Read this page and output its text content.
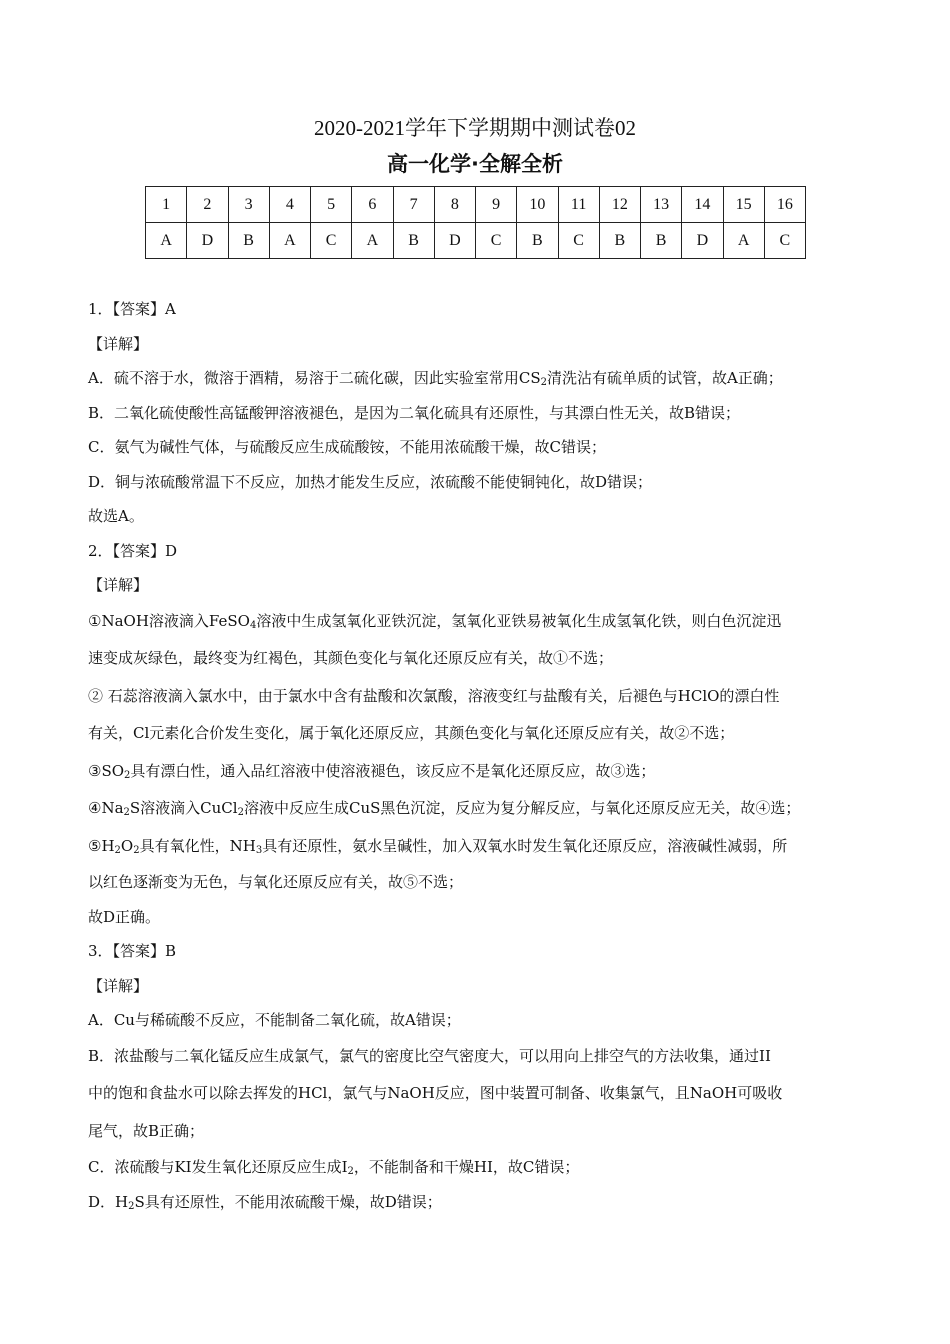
2020-2021学年下学期期中测试卷02
高一化学·全解全析
1	2	3	4	5	6	7	8	9	10	11	12	13	14	15	16
A	D	B	A	C	A	B	D	C	B	C	B	B	D	A	C
1．【答案】A
【详解】
A．硫不溶于水，微溶于酒精，易溶于二硫化碳，因此实验室常用$CS_2$清洗沾有硫单质的试管，故A正确；
B．二氧化硫使酸性高锰酸钾溶液褪色，是因为二氧化硫具有还原性，与其漂白性无关，故B错误；
C．氨气为碱性气体，与硫酸反应生成硫酸铵，不能用浓硫酸干燥，故C错误；
D．铜与浓硫酸常温下不反应，加热才能发生反应，浓硫酸不能使铜钝化，故D错误；
故选A。
2．【答案】D
【详解】
①NaOH溶液滴入FeSO$_4$溶液中生成氢氧化亚铁沉淀，氢氧化亚铁易被氧化生成氢氧化铁，则白色沉淀迅
速变成灰绿色，最终变为红褐色，其颜色变化与氧化还原反应有关，故①不选；
② 石蕊溶液滴入氯水中，由于氯水中含有盐酸和次氯酸，溶液变红与盐酸有关，后褪色与HClO的漂白性
有关，Cl元素化合价发生变化，属于氧化还原反应，其颜色变化与氧化还原反应有关，故②不选；
$③SO_2$具有漂白性，通入品红溶液中使溶液褪色，该反应不是氧化还原反应，故③选；
$④Na_2S$溶液滴入CuCl$_2$溶液中反应生成CuS黑色沉淀，反应为复分解反应，与氧化还原反应无关，故④选；
$⑤H_2O_2$具有氧化性，$NH_3$具有还原性，氨水呈碱性，加入双氧水时发生氧化还原反应，溶液碱性减弱，所
以红色逐渐变为无色，与氧化还原反应有关，故⑤不选；
故D正确。
3．【答案】B
【详解】
A．Cu与稀硫酸不反应，不能制备二氧化硫，故A错误；
B．浓盐酸与二氧化锰反应生成氯气，氯气的密度比空气密度大，可以用向上排空气的方法收集，通过II
中的饱和食盐水可以除去挥发的HCl，氯气与NaOH反应，图中装置可制备、收集氯气，且NaOH可吸收
尾气，故B正确；
C．浓硫酸与KI发生氧化还原反应生成$I_2$，不能制备和干燥HI，故C错误；
D．$H_2S$具有还原性，不能用浓硫酸干燥，故D错误；
